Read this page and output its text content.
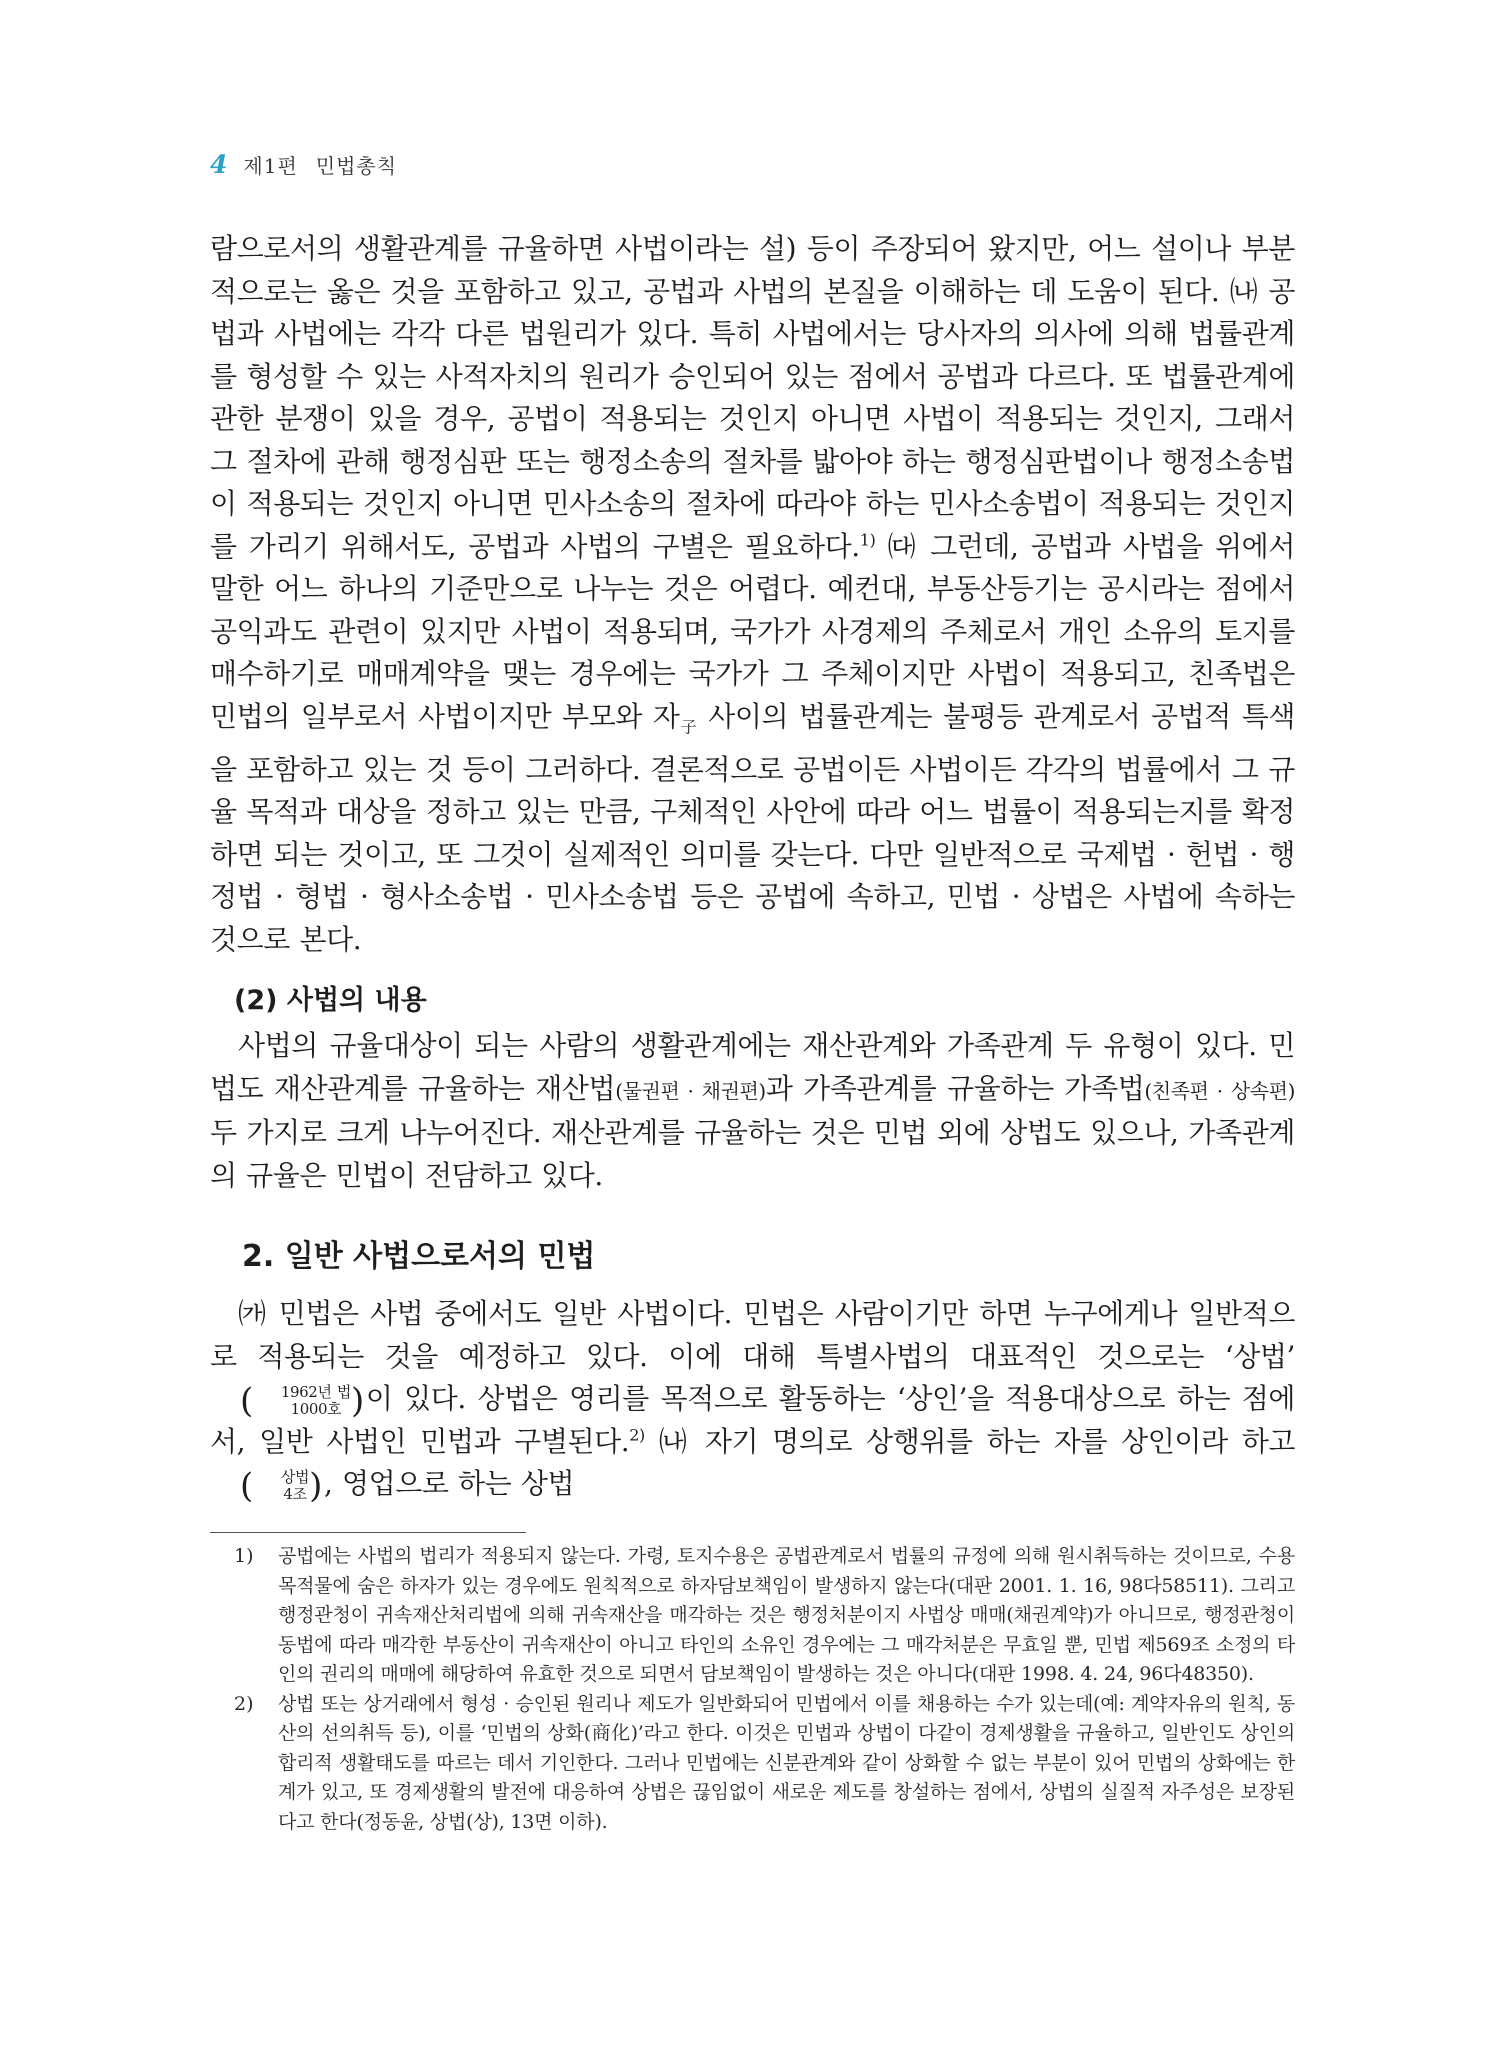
4 제1편 민법총칙

람으로서의 생활관계를 규율하면 사법이라는 설) 등이 주장되어 왔지만, 어느 설이나 부분적으로는 옳은 것을 포함하고 있고, 공법과 사법의 본질을 이해하는 데 도움이 된다. ㈏ 공법과 사법에는 각각 다른 법원리가 있다. 특히 사법에서는 당사자의 의사에 의해 법률관계를 형성할 수 있는 사적자치의 원리가 승인되어 있는 점에서 공법과 다르다. 또 법률관계에 관한 분쟁이 있을 경우, 공법이 적용되는 것인지 아니면 사법이 적용되는 것인지, 그래서 그 절차에 관해 행정심판 또는 행정소송의 절차를 밟아야 하는 행정심판법이나 행정소송법이 적용되는 것인지 아니면 민사소송의 절차에 따라야 하는 민사소송법이 적용되는 것인지를 가리기 위해서도, 공법과 사법의 구별은 필요하다.$^{1)}$ ㈐ 그런데, 공법과 사법을 위에서 말한 어느 하나의 기준만으로 나누는 것은 어렵다. 예컨대, 부동산등기는 공시라는 점에서 공익과도 관련이 있지만 사법이 적용되며, 국가가 사경제의 주체로서 개인 소유의 토지를 매수하기로 매매계약을 맺는 경우에는 국가가 그 주체이지만 사법이 적용되고, 친족법은 민법의 일부로서 사법이지만 부모와 자$_子$ 사이의 법률관계는 불평등 관계로서 공법적 특색을 포함하고 있는 것 등이 그러하다. 결론적으로 공법이든 사법이든 각각의 법률에서 그 규율 목적과 대상을 정하고 있는 만큼, 구체적인 사안에 따라 어느 법률이 적용되는지를 확정하면 되는 것이고, 또 그것이 실제적인 의미를 갖는다. 다만 일반적으로 국제법 · 헌법 · 행정법 · 형법 · 형사소송법 · 민사소송법 등은 공법에 속하고, 민법 · 상법은 사법에 속하는 것으로 본다.

(2) 사법의 내용

사법의 규율대상이 되는 사람의 생활관계에는 재산관계와 가족관계 두 유형이 있다. 민법도 재산관계를 규율하는 재산법(물권편 · 채권편)과 가족관계를 규율하는 가족법(친족편 · 상속편) 두 가지로 크게 나누어진다. 재산관계를 규율하는 것은 민법 외에 상법도 있으나, 가족관계의 규율은 민법이 전담하고 있다.

2. 일반 사법으로서의 민법

㈎ 민법은 사법 중에서도 일반 사법이다. 민법은 사람이기만 하면 누구에게나 일반적으로 적용되는 것을 예정하고 있다. 이에 대해 특별사법의 대표적인 것으로는 ‘상법’(	1962년 법
1000호 )이 있다. 상법은 영리를 목적으로 활동하는 ‘상인’을 적용대상으로 하는 점에서, 일반 사법인 민법과 구별된다.$^{2)}$ ㈏ 자기 명의로 상행위를 하는 자를 상인이라 하고(	상법
4조 ), 영업으로 하는 상법

1)	공법에는 사법의 법리가 적용되지 않는다. 가령, 토지수용은 공법관계로서 법률의 규정에 의해 원시취득하는 것이므로, 수용 목적물에 숨은 하자가 있는 경우에도 원칙적으로 하자담보책임이 발생하지 않는다(대판 2001. 1. 16, 98다58511). 그리고 행정관청이 귀속재산처리법에 의해 귀속재산을 매각하는 것은 행정처분이지 사법상 매매(채권계약)가 아니므로, 행정관청이 동법에 따라 매각한 부동산이 귀속재산이 아니고 타인의 소유인 경우에는 그 매각처분은 무효일 뿐, 민법 제569조 소정의 타인의 권리의 매매에 해당하여 유효한 것으로 되면서 담보책임이 발생하는 것은 아니다(대판 1998. 4. 24, 96다48350).
2)	상법 또는 상거래에서 형성 · 승인된 원리나 제도가 일반화되어 민법에서 이를 채용하는 수가 있는데(예: 계약자유의 원칙, 동산의 선의취득 등), 이를 ‘민법의 상화(商化)’라고 한다. 이것은 민법과 상법이 다같이 경제생활을 규율하고, 일반인도 상인의 합리적 생활태도를 따르는 데서 기인한다. 그러나 민법에는 신분관계와 같이 상화할 수 없는 부분이 있어 민법의 상화에는 한계가 있고, 또 경제생활의 발전에 대응하여 상법은 끊임없이 새로운 제도를 창설하는 점에서, 상법의 실질적 자주성은 보장된다고 한다(정동윤, 상법(상), 13면 이하).
